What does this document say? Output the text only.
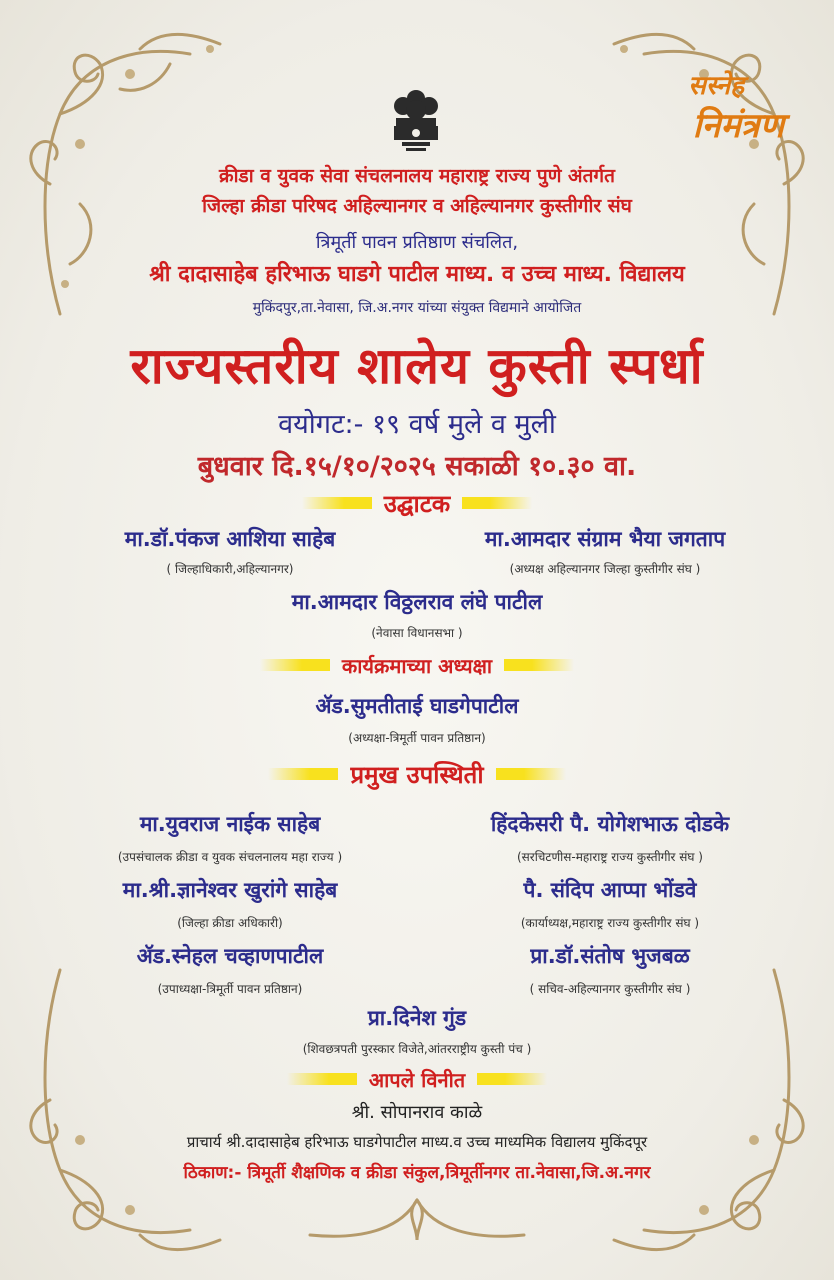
सस्नेह
निमंत्रण
क्रीडा व युवक सेवा संचलनालय महाराष्ट्र राज्य पुणे अंतर्गत
जिल्हा क्रीडा परिषद अहिल्यानगर व अहिल्यानगर कुस्तीगीर संघ
त्रिमूर्ती पावन प्रतिष्ठाण संचलित,
श्री दादासाहेब हरिभाऊ घाडगे पाटील माध्य. व उच्च माध्य. विद्यालय
मुकिंदपुर,ता.नेवासा, जि.अ.नगर यांच्या संयुक्त विद्यमाने आयोजित
राज्यस्तरीय शालेय कुस्ती स्पर्धा
वयोगट:- १९ वर्ष मुले व मुली
बुधवार दि.१५/१०/२०२५ सकाळी १०.३० वा.
उद्घाटक
मा.डॉ.पंकज आशिया साहेब
( जिल्हाधिकारी,अहिल्यानगर)
मा.आमदार संग्राम भैया जगताप
(अध्यक्ष अहिल्यानगर जिल्हा कुस्तीगीर संघ )
मा.आमदार विठ्ठलराव लंघे पाटील
(नेवासा विधानसभा )
कार्यक्रमाच्या अध्यक्षा
ॲड.सुमतीताई घाडगेपाटील
(अध्यक्षा-त्रिमूर्ती पावन प्रतिष्ठान)
प्रमुख उपस्थिती
मा.युवराज नाईक साहेब
(उपसंचालक क्रीडा व युवक संचलनालय महा राज्य )
हिंदकेसरी पै. योगेशभाऊ दोडके
(सरचिटणीस-महाराष्ट्र राज्य कुस्तीगीर संघ )
मा.श्री.ज्ञानेश्वर खुरांगे साहेब
(जिल्हा क्रीडा अधिकारी)
पै. संदिप आप्पा भोंडवे
(कार्याध्यक्ष,महाराष्ट्र राज्य कुस्तीगीर संघ )
ॲड.स्नेहल चव्हाणपाटील
(उपाध्यक्षा-त्रिमूर्ती पावन प्रतिष्ठान)
प्रा.डॉ.संतोष भुजबळ
( सचिव-अहिल्यानगर कुस्तीगीर संघ )
प्रा.दिनेश गुंड
(शिवछत्रपती पुरस्कार विजेते,आंतरराष्ट्रीय कुस्ती पंच )
आपले विनीत
श्री. सोपानराव काळे
प्राचार्य श्री.दादासाहेब हरिभाऊ घाडगेपाटील माध्य.व उच्च माध्यमिक विद्यालय मुकिंदपूर
ठिकाण:- त्रिमूर्ती शैक्षणिक व क्रीडा संकुल,त्रिमूर्तीनगर ता.नेवासा,जि.अ.नगर
